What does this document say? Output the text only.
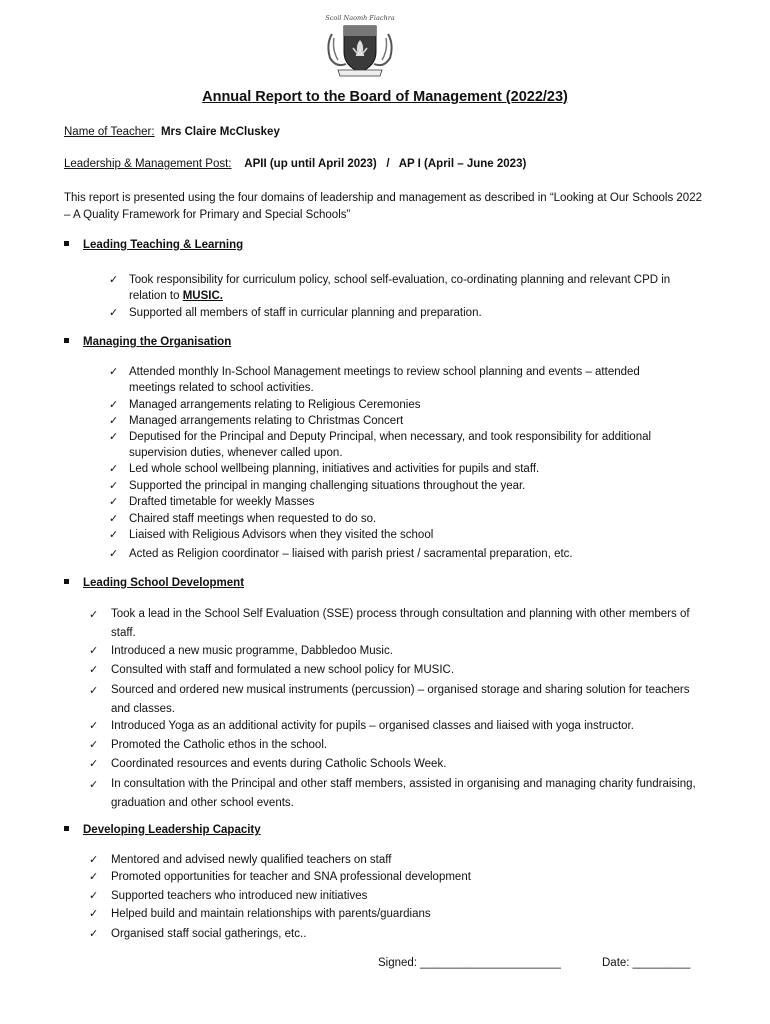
Scoil Naomh Fiachra
Annual Report to the Board of Management (2022/23)
Name of Teacher: Mrs Claire McCluskey
Leadership & Management Post: APII (up until April 2023)   /   AP I (April – June 2023)
This report is presented using the four domains of leadership and management as described in “Looking at Our Schools 2022 – A Quality Framework for Primary and Special Schools”
Leading Teaching & Learning
✓ Took responsibility for curriculum policy, school self-evaluation, co-ordinating planning and relevant CPD in relation to MUSIC.
✓ Supported all members of staff in curricular planning and preparation.
Managing the Organisation
✓ Attended monthly In-School Management meetings to review school planning and events – attended meetings related to school activities.
✓ Managed arrangements relating to Religious Ceremonies
✓ Managed arrangements relating to Christmas Concert
✓ Deputised for the Principal and Deputy Principal, when necessary, and took responsibility for additional supervision duties, whenever called upon.
✓ Led whole school wellbeing planning, initiatives and activities for pupils and staff.
✓ Supported the principal in manging challenging situations throughout the year.
✓ Drafted timetable for weekly Masses
✓ Chaired staff meetings when requested to do so.
✓ Liaised with Religious Advisors when they visited the school
✓ Acted as Religion coordinator – liaised with parish priest / sacramental preparation, etc.
Leading School Development
✓ Took a lead in the School Self Evaluation (SSE) process through consultation and planning with other members of staff.
✓ Introduced a new music programme, Dabbledoo Music.
✓ Consulted with staff and formulated a new school policy for MUSIC.
✓ Sourced and ordered new musical instruments (percussion) – organised storage and sharing solution for teachers and classes.
✓ Introduced Yoga as an additional activity for pupils – organised classes and liaised with yoga instructor.
✓ Promoted the Catholic ethos in the school.
✓ Coordinated resources and events during Catholic Schools Week.
✓ In consultation with the Principal and other staff members, assisted in organising and managing charity fundraising, graduation and other school events.
Developing Leadership Capacity
✓ Mentored and advised newly qualified teachers on staff
✓ Promoted opportunities for teacher and SNA professional development
✓ Supported teachers who introduced new initiatives
✓ Helped build and maintain relationships with parents/guardians
✓ Organised staff social gatherings, etc..
Signed: ______________________	Date: _________
